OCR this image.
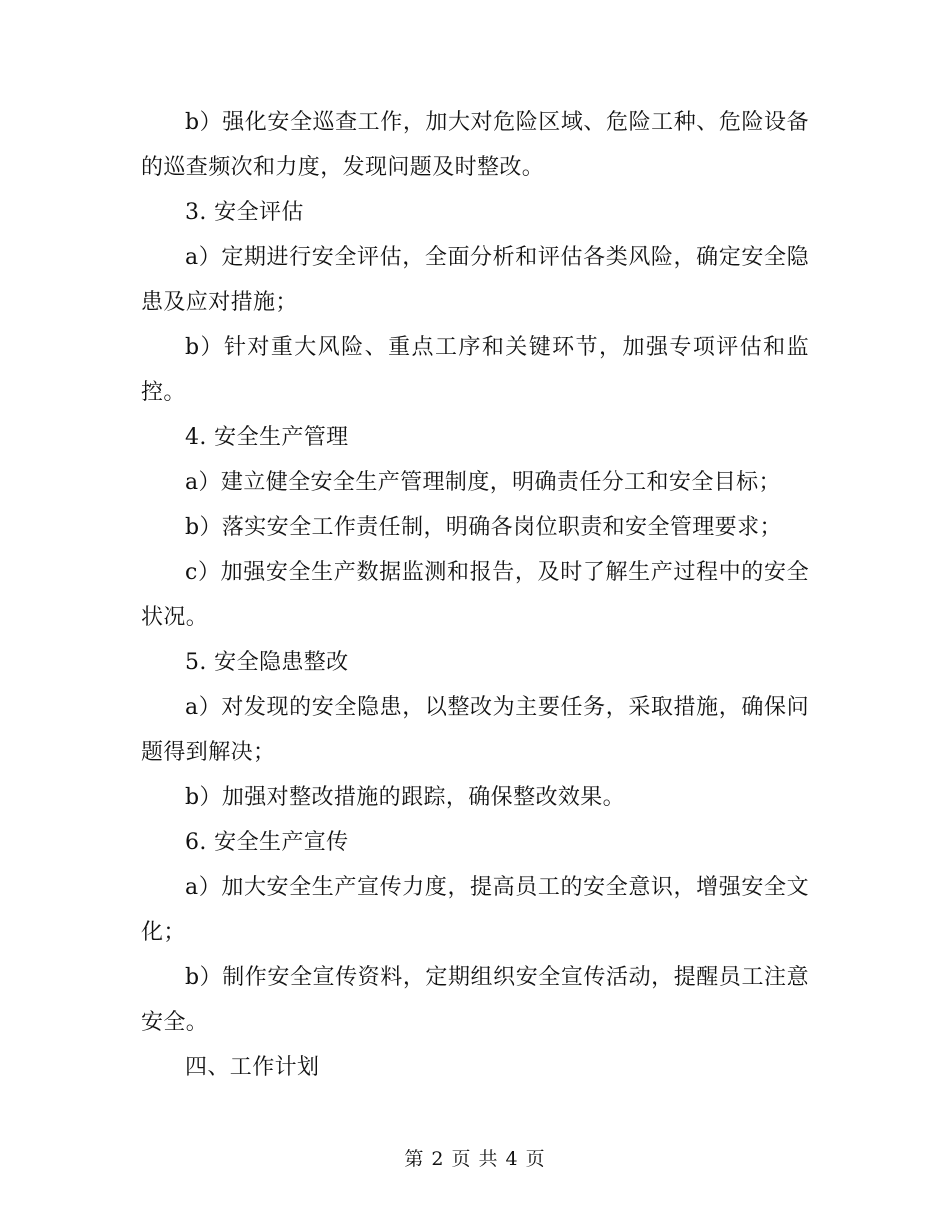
b）强化安全巡查工作，加大对危险区域、危险工种、危险设备的巡查频次和力度，发现问题及时整改。

3. 安全评估

a）定期进行安全评估，全面分析和评估各类风险，确定安全隐患及应对措施；

b）针对重大风险、重点工序和关键环节，加强专项评估和监控。

4. 安全生产管理

a）建立健全安全生产管理制度，明确责任分工和安全目标；

b）落实安全工作责任制，明确各岗位职责和安全管理要求；

c）加强安全生产数据监测和报告，及时了解生产过程中的安全状况。

5. 安全隐患整改

a）对发现的安全隐患，以整改为主要任务，采取措施，确保问题得到解决；

b）加强对整改措施的跟踪，确保整改效果。

6. 安全生产宣传

a）加大安全生产宣传力度，提高员工的安全意识，增强安全文化；

b）制作安全宣传资料，定期组织安全宣传活动，提醒员工注意安全。

四、工作计划

第 2 页 共 4 页
